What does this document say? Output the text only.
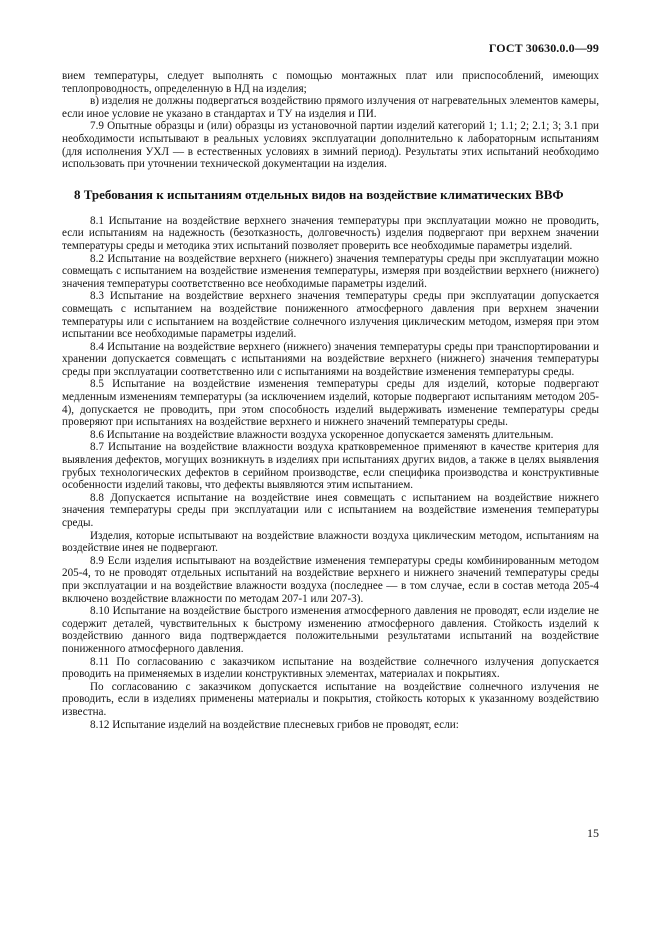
ГОСТ 30630.0.0—99

вием температуры, следует выполнять с помощью монтажных плат или приспособлений, имеющих теплопроводность, определенную в НД на изделия;

в) изделия не должны подвергаться воздействию прямого излучения от нагревательных элементов камеры, если иное условие не указано в стандартах и ТУ на изделия и ПИ.

7.9 Опытные образцы и (или) образцы из установочной партии изделий категорий 1; 1.1; 2; 2.1; 3; 3.1 при необходимости испытывают в реальных условиях эксплуатации дополнительно к лабораторным испытаниям (для исполнения УХЛ — в естественных условиях в зимний период). Результаты этих испытаний необходимо использовать при уточнении технической документации на изделия.

8 Требования к испытаниям отдельных видов на воздействие климатических ВВФ

8.1 Испытание на воздействие верхнего значения температуры при эксплуатации можно не проводить, если испытаниям на надежность (безотказность, долговечность) изделия подвергают при верхнем значении температуры среды и методика этих испытаний позволяет проверить все необходимые параметры изделий.

8.2 Испытание на воздействие верхнего (нижнего) значения температуры среды при эксплуатации можно совмещать с испытанием на воздействие изменения температуры, измеряя при воздействии верхнего (нижнего) значения температуры соответственно все необходимые параметры изделий.

8.3 Испытание на воздействие верхнего значения температуры среды при эксплуатации допускается совмещать с испытанием на воздействие пониженного атмосферного давления при верхнем значении температуры или с испытанием на воздействие солнечного излучения циклическим методом, измеряя при этом испытании все необходимые параметры изделий.

8.4 Испытание на воздействие верхнего (нижнего) значения температуры среды при транспортировании и хранении допускается совмещать с испытаниями на воздействие верхнего (нижнего) значения температуры среды при эксплуатации соответственно или с испытаниями на воздействие изменения температуры среды.

8.5 Испытание на воздействие изменения температуры среды для изделий, которые подвергают медленным изменениям температуры (за исключением изделий, которые подвергают испытаниям методом 205-4), допускается не проводить, при этом способность изделий выдерживать изменение температуры среды проверяют при испытаниях на воздействие верхнего и нижнего значений температуры среды.

8.6 Испытание на воздействие влажности воздуха ускоренное допускается заменять длительным.

8.7 Испытание на воздействие влажности воздуха кратковременное применяют в качестве критерия для выявления дефектов, могущих возникнуть в изделиях при испытаниях других видов, а также в целях выявления грубых технологических дефектов в серийном производстве, если специфика производства и конструктивные особенности изделий таковы, что дефекты выявляются этим испытанием.

8.8 Допускается испытание на воздействие инея совмещать с испытанием на воздействие нижнего значения температуры среды при эксплуатации или с испытанием на воздействие изменения температуры среды.

Изделия, которые испытывают на воздействие влажности воздуха циклическим методом, испытаниям на воздействие инея не подвергают.

8.9 Если изделия испытывают на воздействие изменения температуры среды комбинированным методом 205-4, то не проводят отдельных испытаний на воздействие верхнего и нижнего значений температуры среды при эксплуатации и на воздействие влажности воздуха (последнее — в том случае, если в состав метода 205-4 включено воздействие влажности по методам 207-1 или 207-3).

8.10 Испытание на воздействие быстрого изменения атмосферного давления не проводят, если изделие не содержит деталей, чувствительных к быстрому изменению атмосферного давления. Стойкость изделий к воздействию данного вида подтверждается положительными результатами испытаний на воздействие пониженного атмосферного давления.

8.11 По согласованию с заказчиком испытание на воздействие солнечного излучения допускается проводить на применяемых в изделии конструктивных элементах, материалах и покрытиях.

По согласованию с заказчиком допускается испытание на воздействие солнечного излучения не проводить, если в изделиях применены материалы и покрытия, стойкость которых к указанному воздействию известна.

8.12 Испытание изделий на воздействие плесневых грибов не проводят, если:

15
